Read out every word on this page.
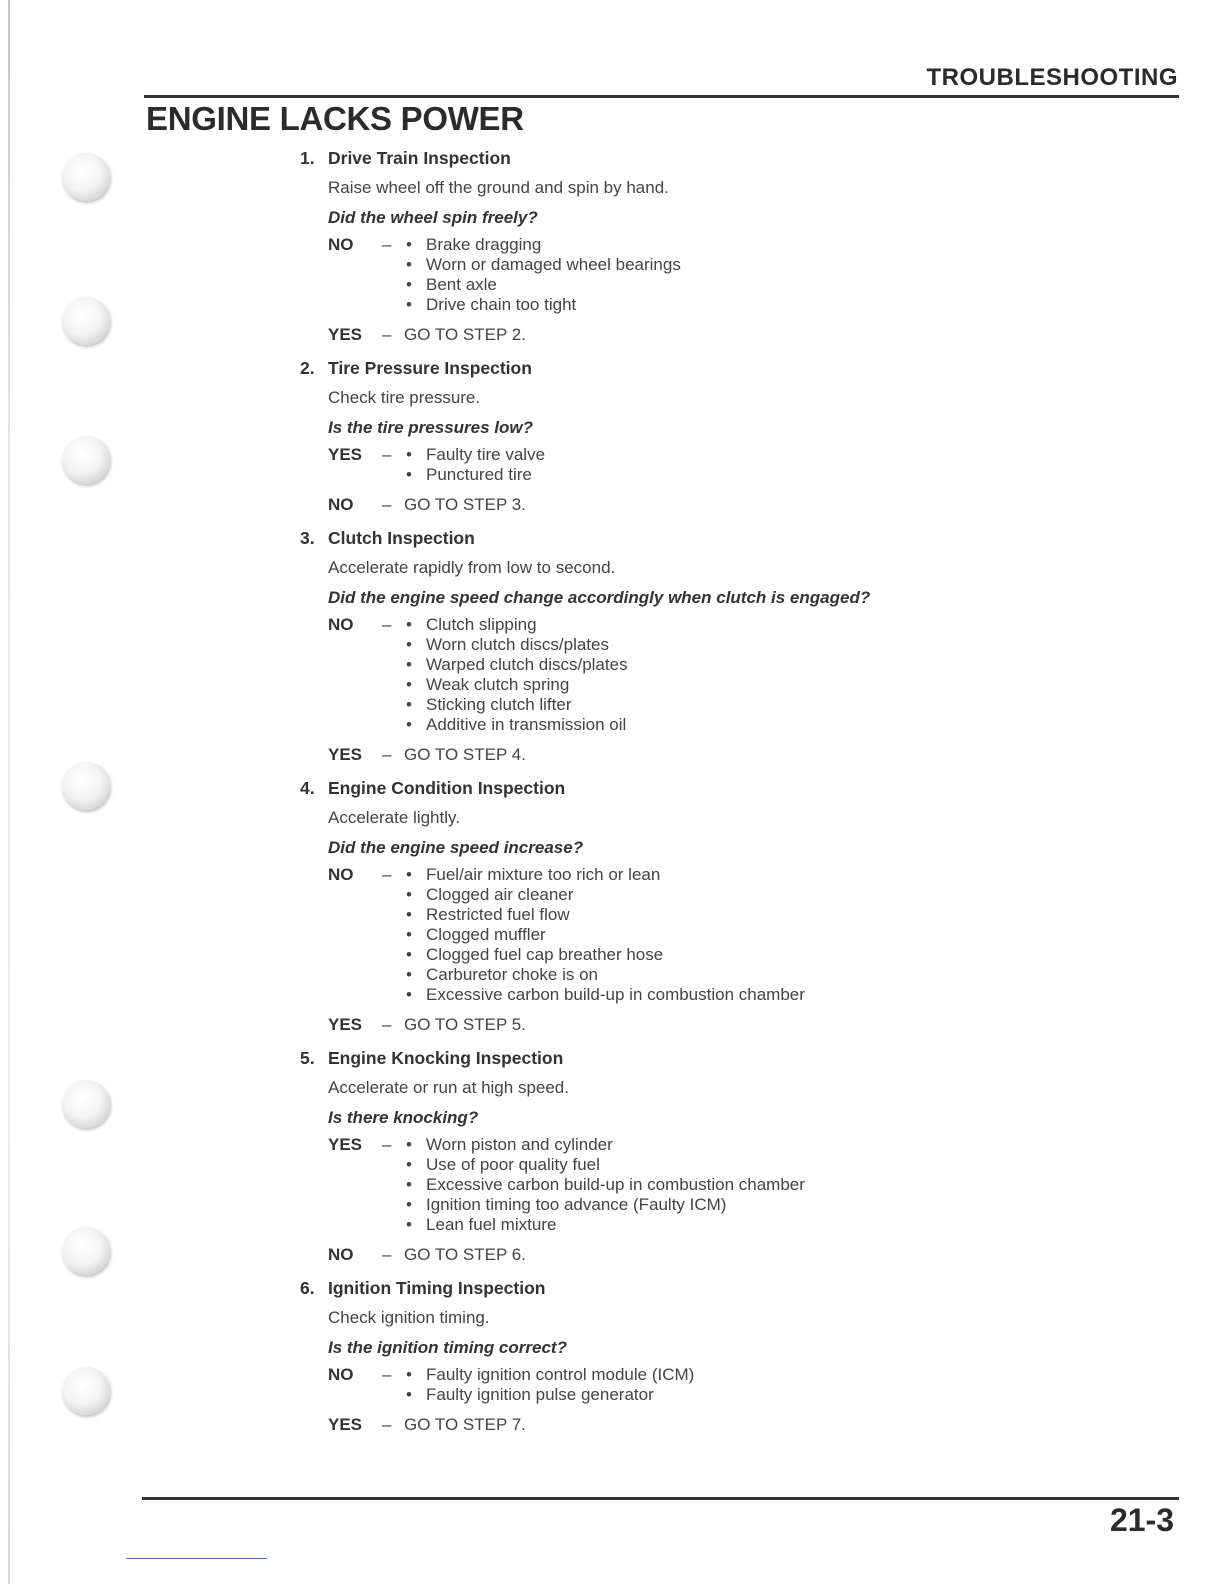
TROUBLESHOOTING
ENGINE LACKS POWER
1. Drive Train Inspection
Raise wheel off the ground and spin by hand.
Did the wheel spin freely?
NO	–	• Brake dragging
• Worn or damaged wheel bearings
• Bent axle
• Drive chain too tight
YES	– GO TO STEP 2.
2. Tire Pressure Inspection
Check tire pressure.
Is the tire pressures low?
YES	–	• Faulty tire valve
• Punctured tire
NO	– GO TO STEP 3.
3. Clutch Inspection
Accelerate rapidly from low to second.
Did the engine speed change accordingly when clutch is engaged?
NO	–	• Clutch slipping
• Worn clutch discs/plates
• Warped clutch discs/plates
• Weak clutch spring
• Sticking clutch lifter
• Additive in transmission oil
YES	– GO TO STEP 4.
4. Engine Condition Inspection
Accelerate lightly.
Did the engine speed increase?
NO	–	• Fuel/air mixture too rich or lean
• Clogged air cleaner
• Restricted fuel flow
• Clogged muffler
• Clogged fuel cap breather hose
• Carburetor choke is on
• Excessive carbon build-up in combustion chamber
YES	– GO TO STEP 5.
5. Engine Knocking Inspection
Accelerate or run at high speed.
Is there knocking?
YES	–	• Worn piston and cylinder
• Use of poor quality fuel
• Excessive carbon build-up in combustion chamber
• Ignition timing too advance (Faulty ICM)
• Lean fuel mixture
NO	– GO TO STEP 6.
6. Ignition Timing Inspection
Check ignition timing.
Is the ignition timing correct?
NO	–	• Faulty ignition control module (ICM)
• Faulty ignition pulse generator
YES	– GO TO STEP 7.
21-3
